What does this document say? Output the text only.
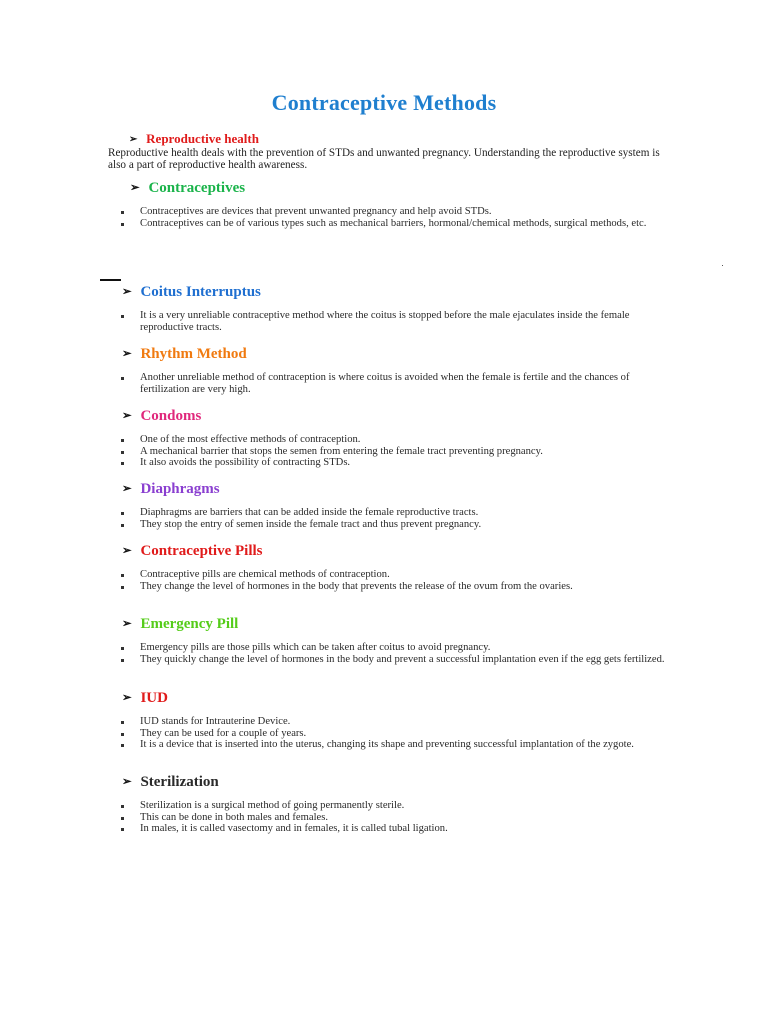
Contraceptive Methods
➢ Reproductive health

Reproductive health deals with the prevention of STDs and unwanted pregnancy. Understanding the reproductive system is also a part of reproductive health awareness.

➢ Contraceptives
Contraceptives are devices that prevent unwanted pregnancy and help avoid STDs.
Contraceptives can be of various types such as mechanical barriers, hormonal/chemical methods, surgical methods, etc.
➢ Coitus Interruptus
It is a very unreliable contraceptive method where the coitus is stopped before the male ejaculates inside the female reproductive tracts.
➢ Rhythm Method
Another unreliable method of contraception is where coitus is avoided when the female is fertile and the chances of fertilization are very high.
➢ Condoms
One of the most effective methods of contraception.
A mechanical barrier that stops the semen from entering the female tract preventing pregnancy.
It also avoids the possibility of contracting STDs.
➢ Diaphragms
Diaphragms are barriers that can be added inside the female reproductive tracts.
They stop the entry of semen inside the female tract and thus prevent pregnancy.
➢ Contraceptive Pills
Contraceptive pills are chemical methods of contraception.
They change the level of hormones in the body that prevents the release of the ovum from the ovaries.
➢ Emergency Pill
Emergency pills are those pills which can be taken after coitus to avoid pregnancy.
They quickly change the level of hormones in the body and prevent a successful implantation even if the egg gets fertilized.
➢ IUD
IUD stands for Intrauterine Device.
They can be used for a couple of years.
It is a device that is inserted into the uterus, changing its shape and preventing successful implantation of the zygote.
➢ Sterilization
Sterilization is a surgical method of going permanently sterile.
This can be done in both males and females.
In males, it is called vasectomy and in females, it is called tubal ligation.
